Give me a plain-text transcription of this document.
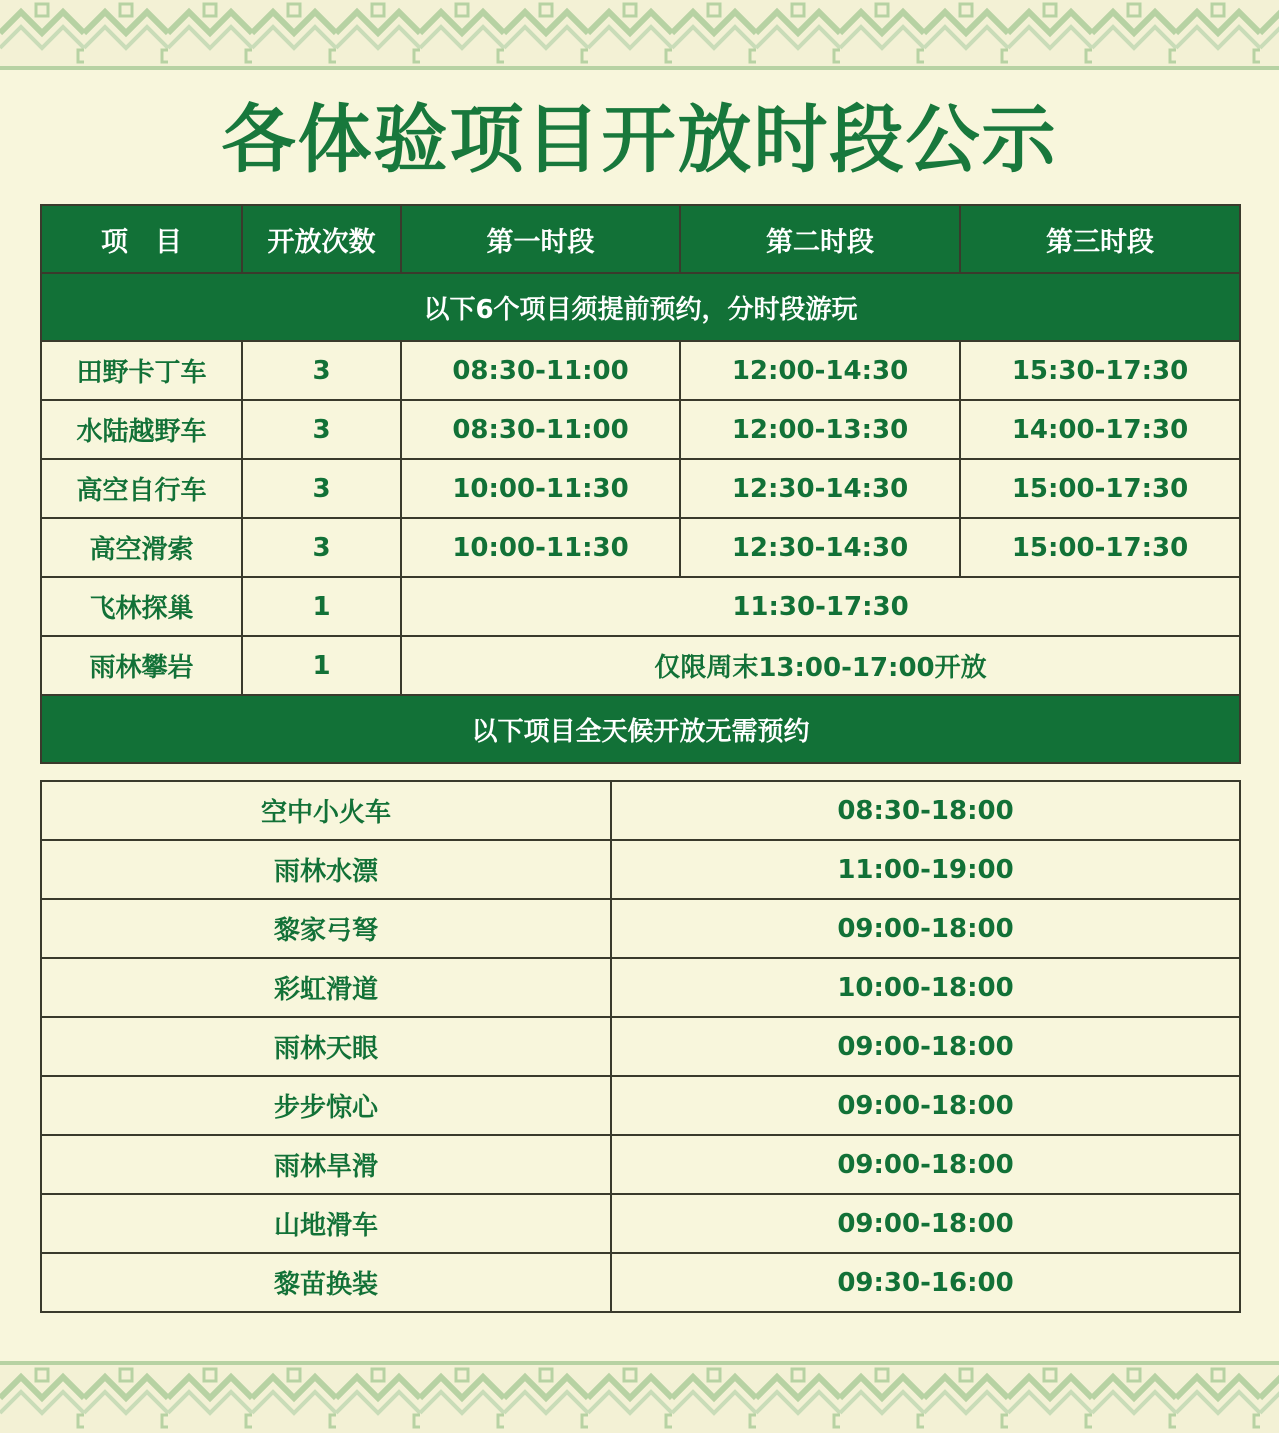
各体验项目开放时段公示
项　目	开放次数	第一时段	第二时段	第三时段
以下6个项目须提前预约，分时段游玩				
田野卡丁车	3	08:30-11:00	12:00-14:30	15:30-17:30
水陆越野车	3	08:30-11:00	12:00-13:30	14:00-17:30
高空自行车	3	10:00-11:30	12:30-14:30	15:00-17:30
高空滑索	3	10:00-11:30	12:30-14:30	15:00-17:30
飞林探巢	1	11:30-17:30		
雨林攀岩	1	仅限周末13:00-17:00开放		
以下项目全天候开放无需预约				
空中小火车	08:30-18:00
雨林水漂	11:00-19:00
黎家弓弩	09:00-18:00
彩虹滑道	10:00-18:00
雨林天眼	09:00-18:00
步步惊心	09:00-18:00
雨林旱滑	09:00-18:00
山地滑车	09:00-18:00
黎苗换装	09:30-16:00
